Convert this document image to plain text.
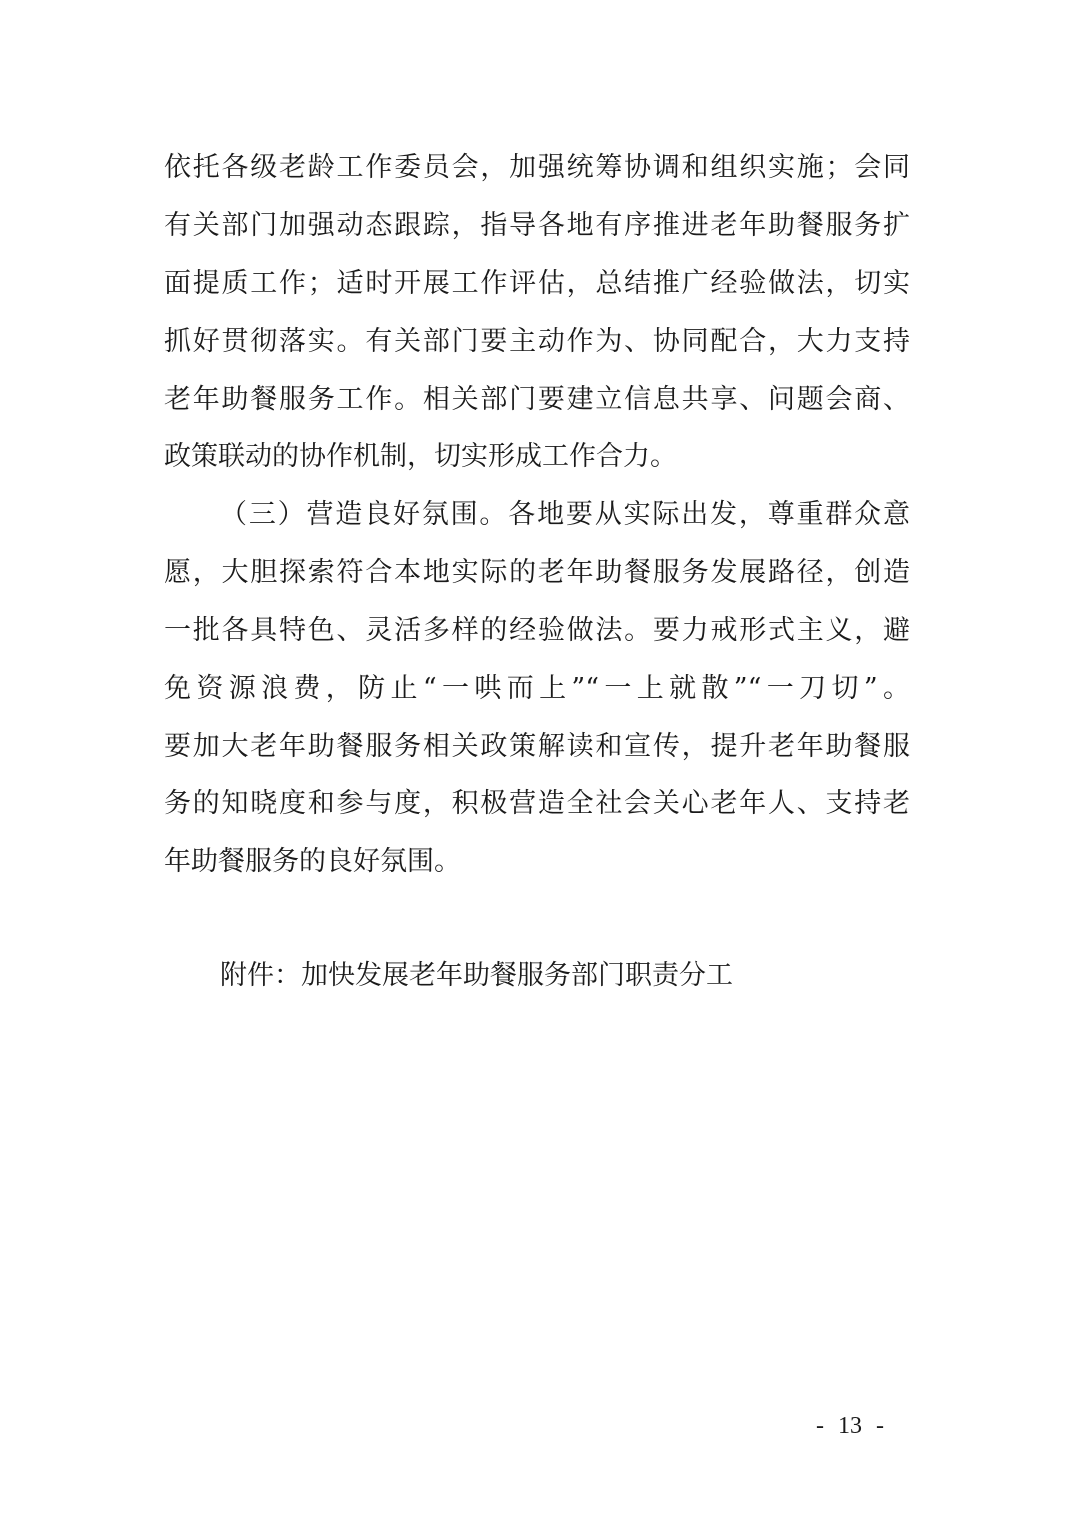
依托各级老龄工作委员会，加强统筹协调和组织实施；会同
有关部门加强动态跟踪，指导各地有序推进老年助餐服务扩
面提质工作；适时开展工作评估，总结推广经验做法，切实
抓好贯彻落实。有关部门要主动作为、协同配合，大力支持
老年助餐服务工作。相关部门要建立信息共享、问题会商、
政策联动的协作机制，切实形成工作合力。
（三）营造良好氛围。各地要从实际出发，尊重群众意
愿，大胆探索符合本地实际的老年助餐服务发展路径，创造
一批各具特色、灵活多样的经验做法。要力戒形式主义，避
免资源浪费，防止“一哄而上”“一上就散”“一刀切”。
要加大老年助餐服务相关政策解读和宣传，提升老年助餐服
务的知晓度和参与度，积极营造全社会关心老年人、支持老
年助餐服务的良好氛围。
附件：加快发展老年助餐服务部门职责分工
- 13 -
